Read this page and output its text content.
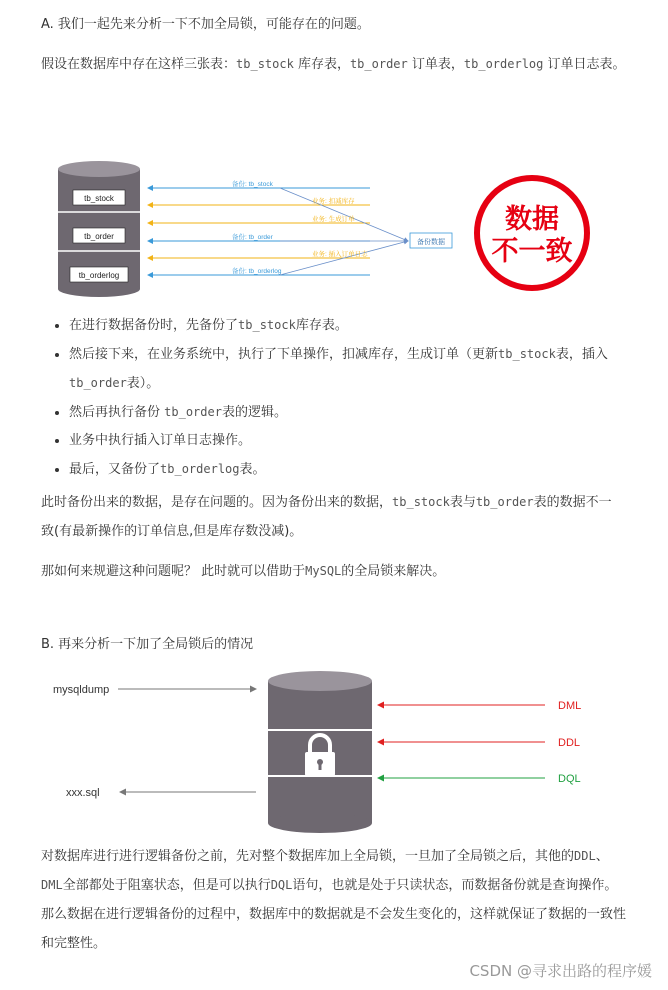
A. 我们一起先来分析一下不加全局锁，可能存在的问题。

假设在数据库中存在这样三张表：tb_stock 库存表，tb_order 订单表，tb_orderlog 订单日志表。

tb_stock
tb_order
tb_orderlog
备份: tb_stock
业务: 扣减库存
业务: 生成订单
备份: tb_order
业务: 插入订单日志
备份: tb_orderlog
备份数据
数据
不一致
• 在进行数据备份时，先备份了tb_stock库存表。
• 然后接下来，在业务系统中，执行了下单操作，扣减库存，生成订单（更新tb_stock表，插入
tb_order表）。
• 然后再执行备份 tb_order表的逻辑。
• 业务中执行插入订单日志操作。
• 最后，又备份了tb_orderlog表。

此时备份出来的数据，是存在问题的。因为备份出来的数据，tb_stock表与tb_order表的数据不一
致(有最新操作的订单信息,但是库存数没减)。

那如何来规避这种问题呢？ 此时就可以借助于MySQL的全局锁来解决。

B. 再来分析一下加了全局锁后的情况

mysqldump
xxx.sql
DML
DDL
DQL

对数据库进行进行逻辑备份之前，先对整个数据库加上全局锁，一旦加了全局锁之后，其他的DDL、
DML全部都处于阻塞状态，但是可以执行DQL语句，也就是处于只读状态，而数据备份就是查询操作。
那么数据在进行逻辑备份的过程中，数据库中的数据就是不会发生变化的，这样就保证了数据的一致性
和完整性。

CSDN @寻求出路的程序媛
